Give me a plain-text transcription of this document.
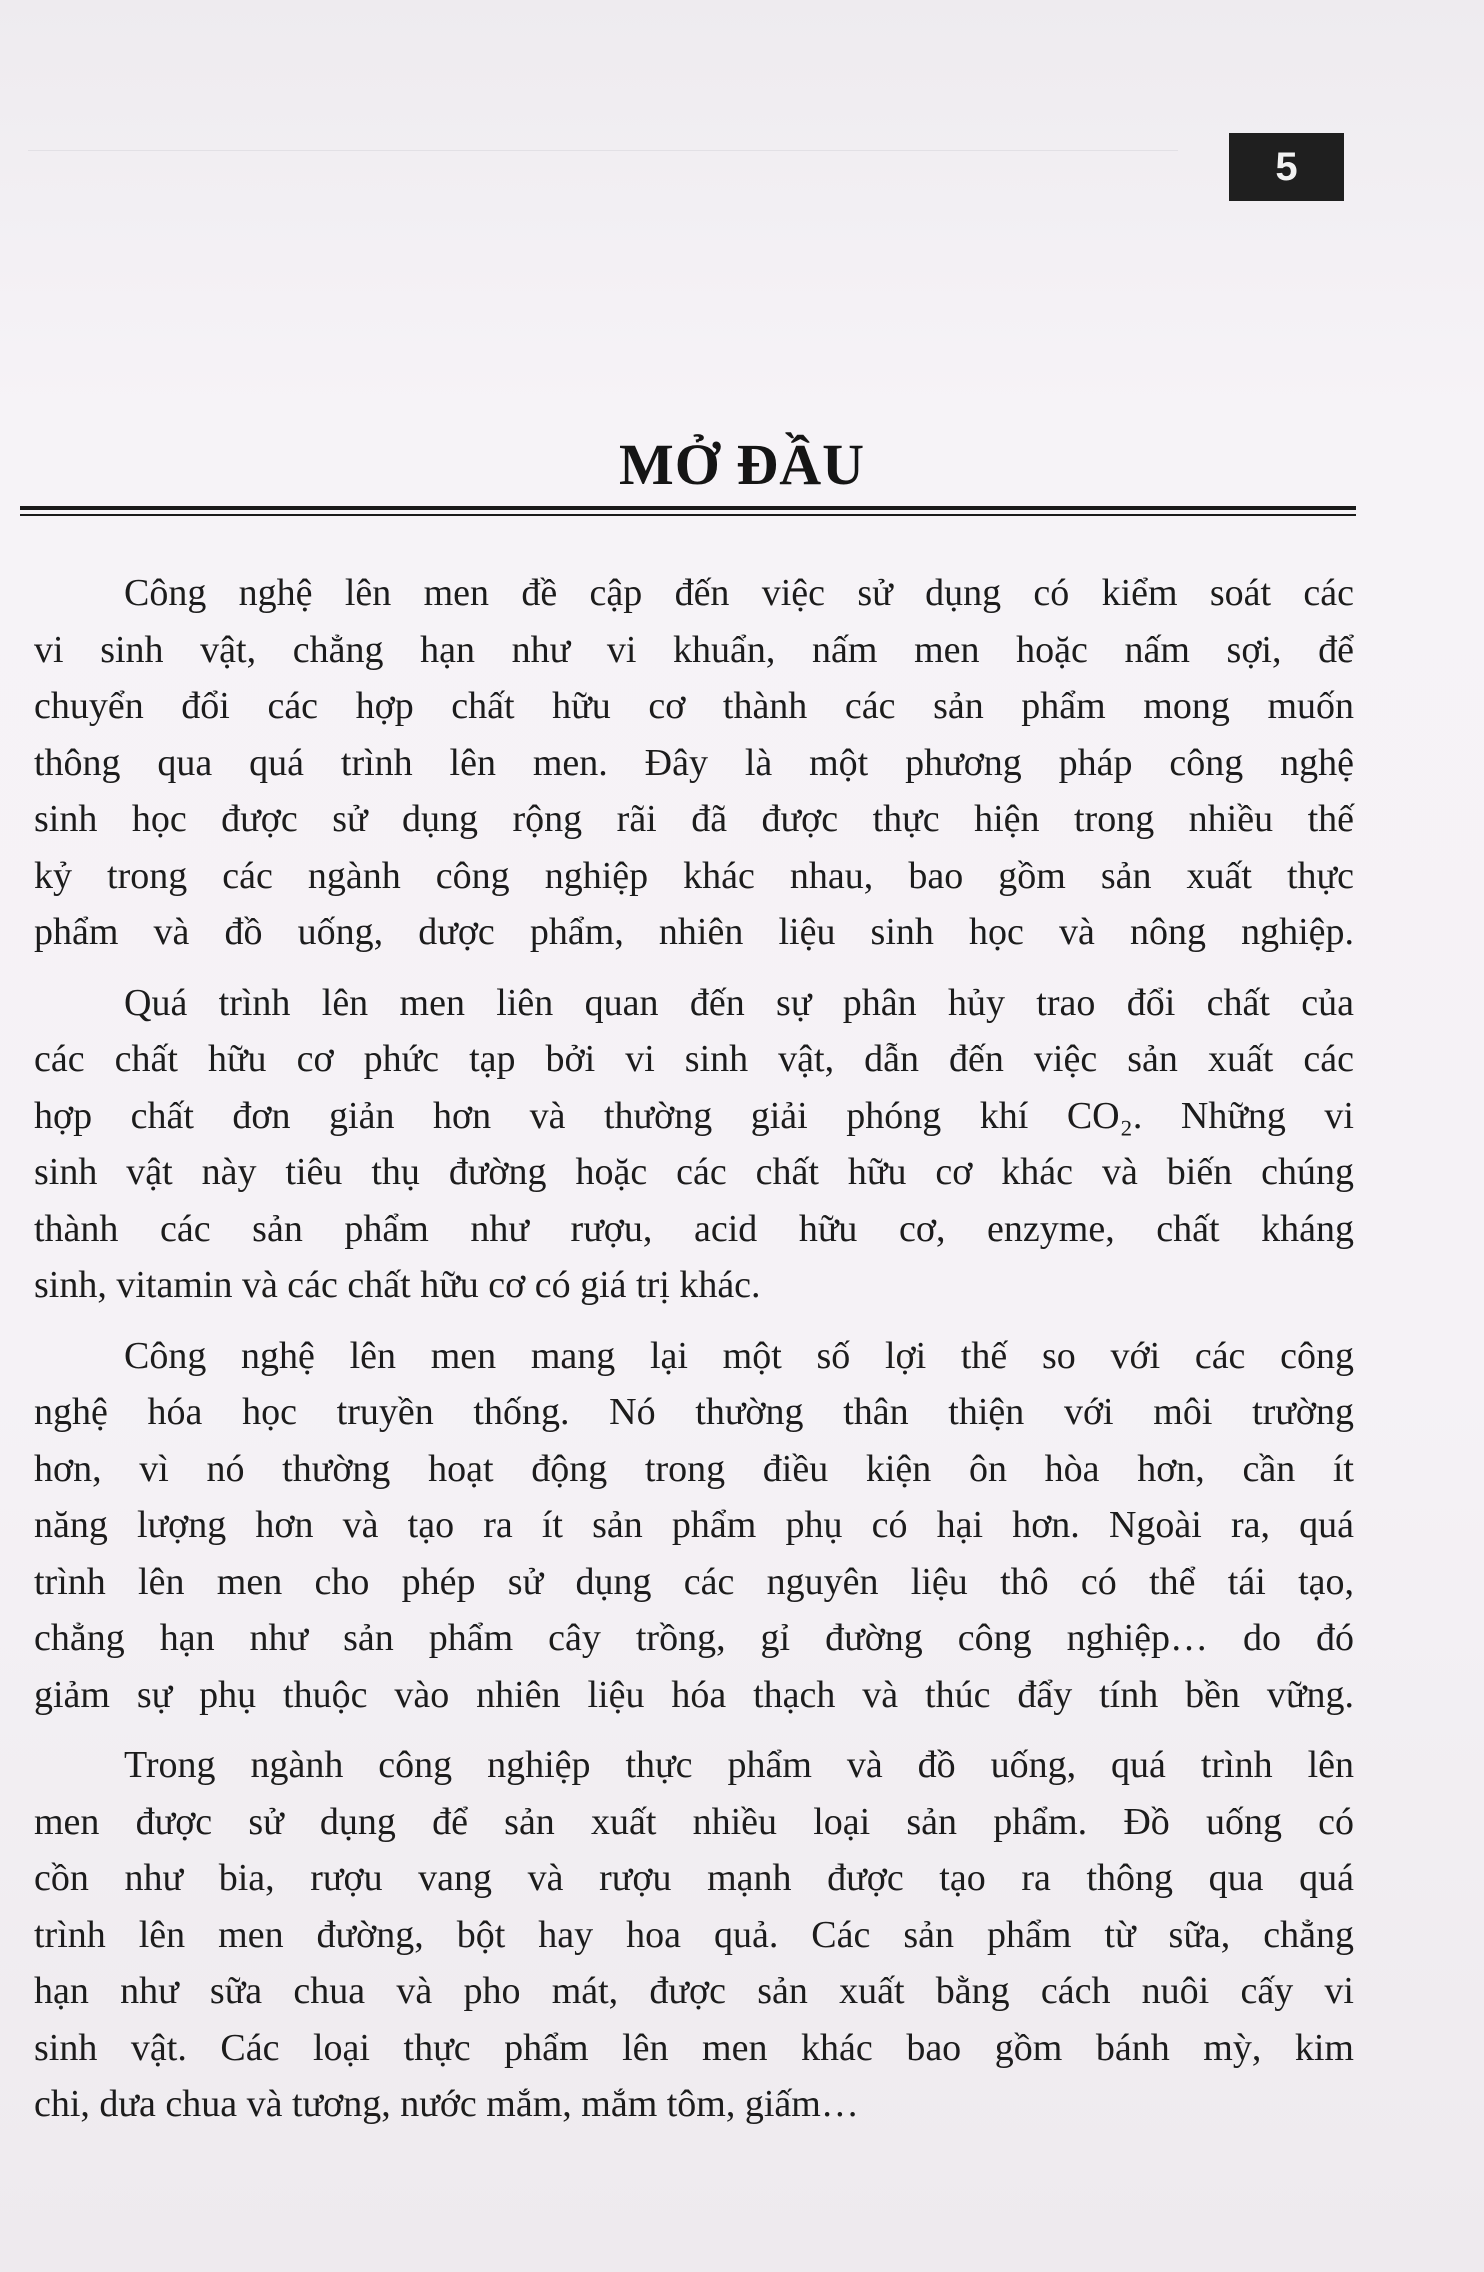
5
MỞ ĐẦU

Công nghệ lên men đề cập đến việc sử dụng có kiểm soát các
vi sinh vật, chẳng hạn như vi khuẩn, nấm men hoặc nấm sợi, để
chuyển đổi các hợp chất hữu cơ thành các sản phẩm mong muốn
thông qua quá trình lên men. Đây là một phương pháp công nghệ
sinh học được sử dụng rộng rãi đã được thực hiện trong nhiều thế
kỷ trong các ngành công nghiệp khác nhau, bao gồm sản xuất thực
phẩm và đồ uống, dược phẩm, nhiên liệu sinh học và nông nghiệp.

Quá trình lên men liên quan đến sự phân hủy trao đổi chất của
các chất hữu cơ phức tạp bởi vi sinh vật, dẫn đến việc sản xuất các
hợp chất đơn giản hơn và thường giải phóng khí CO₂. Những vi
sinh vật này tiêu thụ đường hoặc các chất hữu cơ khác và biến chúng
thành các sản phẩm như rượu, acid hữu cơ, enzyme, chất kháng
sinh, vitamin và các chất hữu cơ có giá trị khác.

Công nghệ lên men mang lại một số lợi thế so với các công
nghệ hóa học truyền thống. Nó thường thân thiện với môi trường
hơn, vì nó thường hoạt động trong điều kiện ôn hòa hơn, cần ít
năng lượng hơn và tạo ra ít sản phẩm phụ có hại hơn. Ngoài ra, quá
trình lên men cho phép sử dụng các nguyên liệu thô có thể tái tạo,
chẳng hạn như sản phẩm cây trồng, gỉ đường công nghiệp… do đó
giảm sự phụ thuộc vào nhiên liệu hóa thạch và thúc đẩy tính bền vững.

Trong ngành công nghiệp thực phẩm và đồ uống, quá trình lên
men được sử dụng để sản xuất nhiều loại sản phẩm. Đồ uống có
cồn như bia, rượu vang và rượu mạnh được tạo ra thông qua quá
trình lên men đường, bột hay hoa quả. Các sản phẩm từ sữa, chẳng
hạn như sữa chua và pho mát, được sản xuất bằng cách nuôi cấy vi
sinh vật. Các loại thực phẩm lên men khác bao gồm bánh mỳ, kim
chi, dưa chua và tương, nước mắm, mắm tôm, giấm…
